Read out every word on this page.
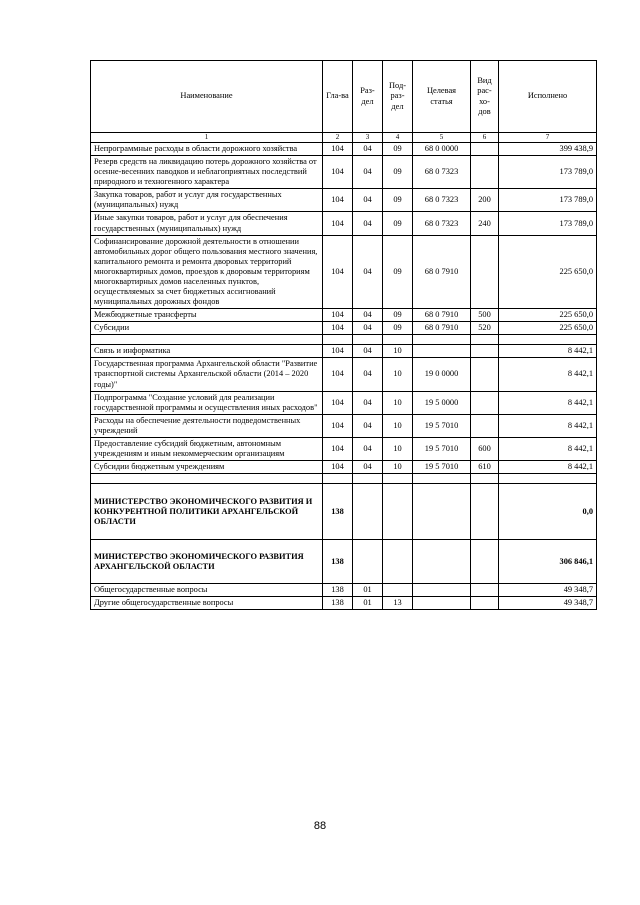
Наименование	Гла-ва	Раз-дел	Под-раз-дел	Целевая статья	Вид рас-хо-дов	Исполнено
1	2	3	4	5	6	7
Непрограммные расходы в области дорожного хозяйства	104	04	09	68 0 0000		399 438,9
Резерв средств на ликвидацию потерь дорожного хозяйства от осенне-весенних паводков и неблагоприятных последствий природного и техногенного характера	104	04	09	68 0 7323		173 789,0
Закупка товаров, работ и услуг для государственных (муниципальных) нужд	104	04	09	68 0 7323	200	173 789,0
Иные закупки товаров, работ и услуг для обеспечения государственных (муниципальных) нужд	104	04	09	68 0 7323	240	173 789,0
Софинансирование дорожной деятельности в отношении автомобильных дорог общего пользования местного значения, капитального ремонта и ремонта дворовых территорий многоквартирных домов, проездов к дворовым территориям многоквартирных домов населенных пунктов, осуществляемых за счет бюджетных ассигнований муниципальных дорожных фондов	104	04	09	68 0 7910		225 650,0
Межбюджетные трансферты	104	04	09	68 0 7910	500	225 650,0
Субсидии	104	04	09	68 0 7910	520	225 650,0

Связь и информатика	104	04	10			8 442,1
Государственная программа Архангельской области "Развитие транспортной системы Архангельской области (2014 – 2020 годы)"	104	04	10	19 0 0000		8 442,1
Подпрограмма "Создание условий для реализации государственной программы и осуществления иных расходов"	104	04	10	19 5 0000		8 442,1
Расходы на обеспечение деятельности подведомственных учреждений	104	04	10	19 5 7010		8 442,1
Предоставление субсидий бюджетным, автономным учреждениям и иным некоммерческим организациям	104	04	10	19 5 7010	600	8 442,1
Субсидии бюджетным учреждениям	104	04	10	19 5 7010	610	8 442,1

МИНИСТЕРСТВО ЭКОНОМИЧЕСКОГО РАЗВИТИЯ И КОНКУРЕНТНОЙ ПОЛИТИКИ АРХАНГЕЛЬСКОЙ ОБЛАСТИ	138					0,0
МИНИСТЕРСТВО ЭКОНОМИЧЕСКОГО РАЗВИТИЯ АРХАНГЕЛЬСКОЙ ОБЛАСТИ	138					306 846,1
Общегосударственные вопросы	138	01				49 348,7
Другие общегосударственные вопросы	138	01	13			49 348,7
88
